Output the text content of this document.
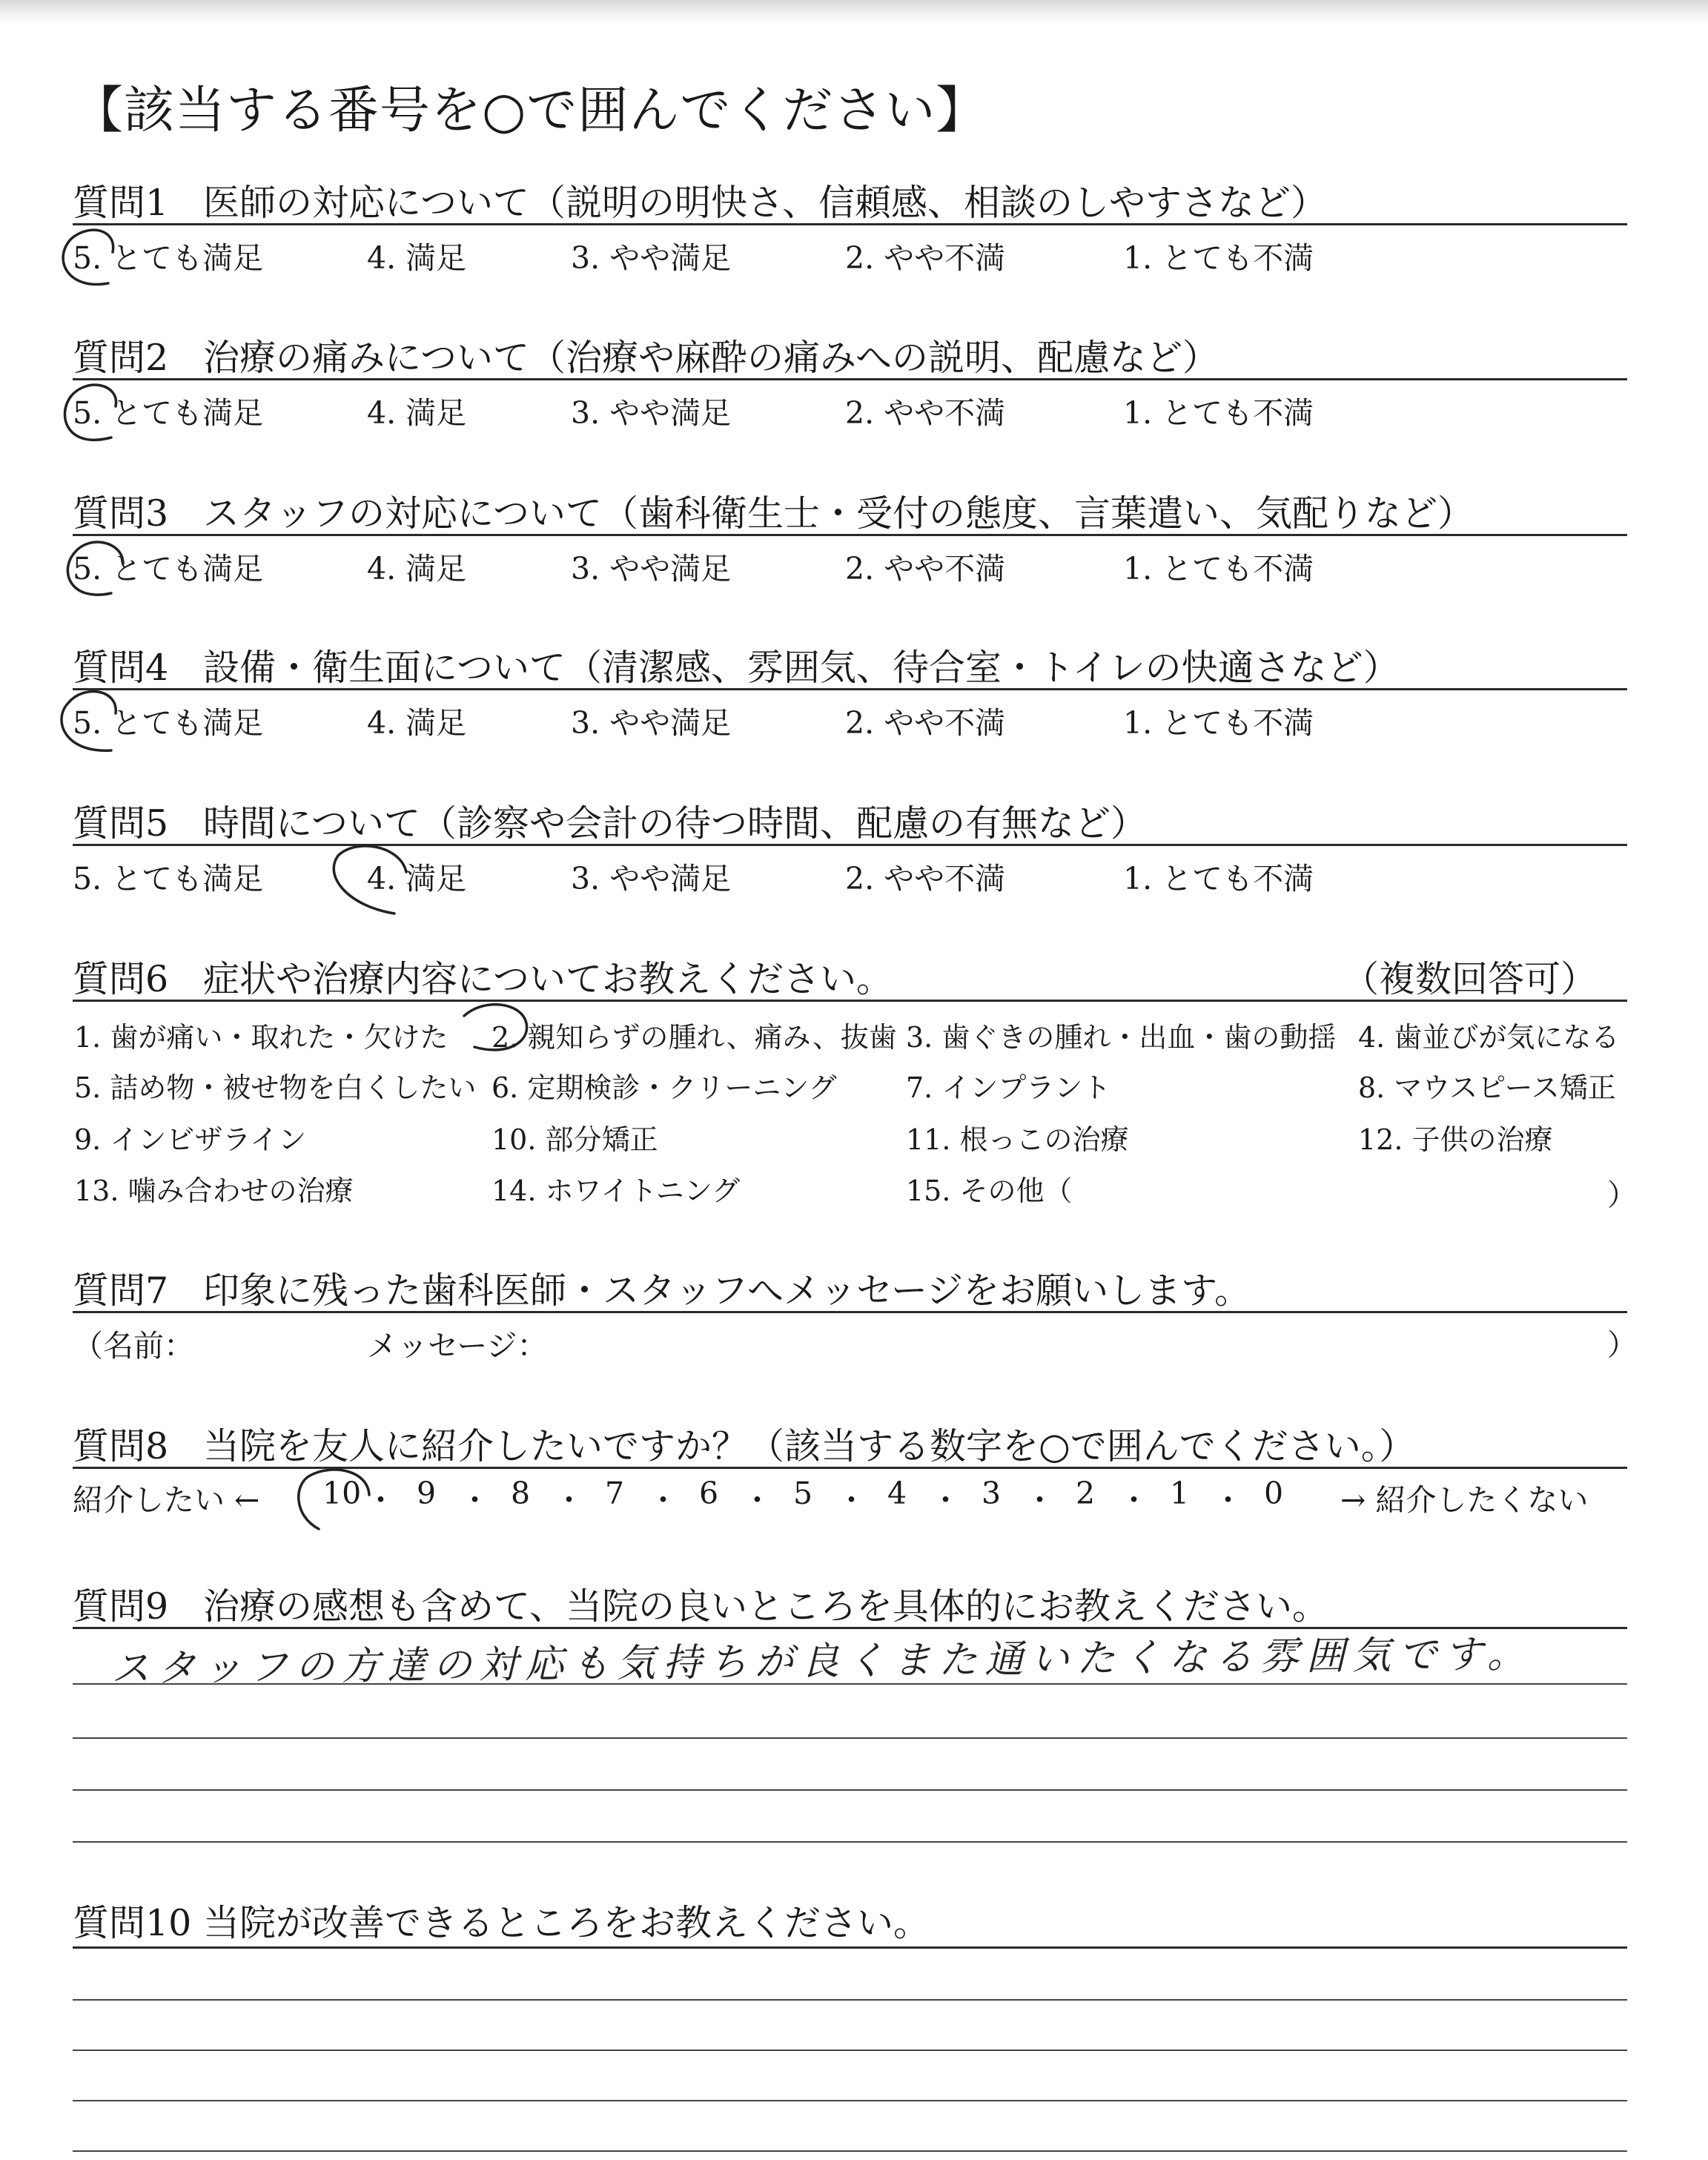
【該当する番号を○で囲んでください】
質問1 医師の対応について（説明の明快さ、信頼感、相談のしやすさなど）
5. とても満足	4. 満足	3. やや満足	2. やや不満	1. とても不満
質問2 治療の痛みについて（治療や麻酔の痛みへの説明、配慮など）
5. とても満足	4. 満足	3. やや満足	2. やや不満	1. とても不満
質問3 スタッフの対応について（歯科衛生士・受付の態度、言葉遣い、気配りなど）
5. とても満足	4. 満足	3. やや満足	2. やや不満	1. とても不満
質問4 設備・衛生面について（清潔感、雰囲気、待合室・トイレの快適さなど）
5. とても満足	4. 満足	3. やや満足	2. やや不満	1. とても不満
質問5 時間について（診察や会計の待つ時間、配慮の有無など）
5. とても満足	4. 満足	3. やや満足	2. やや不満	1. とても不満
質問6 症状や治療内容についてお教えください。	（複数回答可）
1. 歯が痛い・取れた・欠けた 2. 親知らずの腫れ、痛み、抜歯 3. 歯ぐきの腫れ・出血・歯の動揺 4. 歯並びが気になる
5. 詰め物・被せ物を白くしたい 6. 定期検診・クリーニング 7. インプラント	8. マウスピース矯正
9. インビザライン	10. 部分矯正	11. 根っこの治療	12. 子供の治療
13. 噛み合わせの治療	14. ホワイトニング	15. その他（	）
質問7 印象に残った歯科医師・スタッフへメッセージをお願いします。
（名前：	メッセージ：	）
質問8 当院を友人に紹介したいですか？（該当する数字を○で囲んでください。）
紹介したい ← 10 ・ 9 ・ 8 ・ 7 ・ 6 ・ 5 ・ 4 ・ 3 ・ 2 ・ 1 ・ 0 → 紹介したくない
質問9 治療の感想も含めて、当院の良いところを具体的にお教えください。
スタッフの方達の対応も気持ちが良くまた通いたくなる雰囲気です。
質問10 当院が改善できるところをお教えください。
